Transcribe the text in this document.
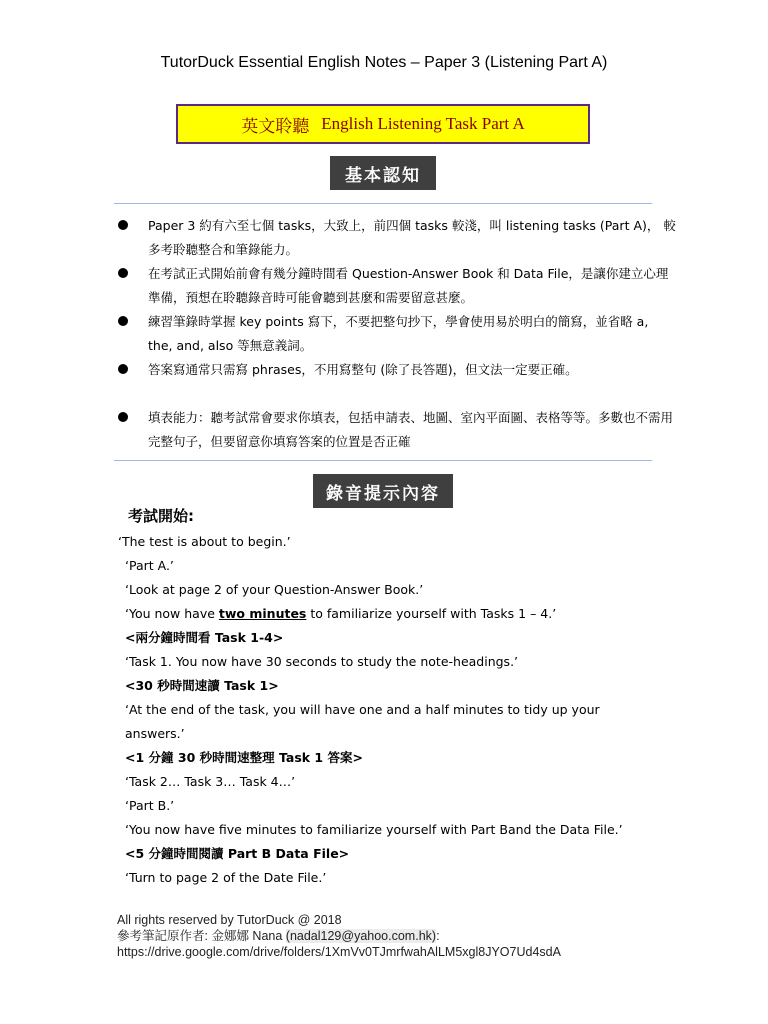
TutorDuck Essential English Notes – Paper 3 (Listening Part A)
英文聆聽 English Listening Task Part A
基本認知
Paper 3 約有六至七個 tasks，大致上，前四個 tasks 較淺，叫 listening tasks (Part A)， 較多考聆聽整合和筆錄能力。
在考試正式開始前會有幾分鐘時間看 Question-Answer Book 和 Data File，是讓你建立心理準備，預想在聆聽錄音時可能會聽到甚麼和需要留意甚麼。
練習筆錄時掌握 key points 寫下，不要把整句抄下，學會使用易於明白的簡寫，並省略 a, the, and, also 等無意義詞。
答案寫通常只需寫 phrases，不用寫整句 (除了長答題)，但文法一定要正確。
填表能力：聽考試常會要求你填表，包括申請表、地圖、室內平面圖、表格等等。多數也不需用完整句子，但要留意你填寫答案的位置是否正確
錄音提示內容
考試開始:
‘The test is about to begin.’
‘Part A.’
‘Look at page 2 of your Question-Answer Book.’
‘You now have two minutes to familiarize yourself with Tasks 1 – 4.’
<兩分鐘時間看 Task 1-4>
‘Task 1. You now have 30 seconds to study the note-headings.’
<30 秒時間速讀 Task 1>
‘At the end of the task, you will have one and a half minutes to tidy up your answers.’
<1 分鐘 30 秒時間速整理 Task 1 答案>
‘Task 2… Task 3… Task 4…’
‘Part B.’
‘You now have five minutes to familiarize yourself with Part Band the Data File.’
<5 分鐘時間閱讀 Part B Data File>
‘Turn to page 2 of the Date File.’
All rights reserved by TutorDuck @ 2018
參考筆記原作者: 金娜娜 Nana (nadal129@yahoo.com.hk):
https://drive.google.com/drive/folders/1XmVv0TJmrfwahAlLM5xgl8JYO7Ud4sdA
